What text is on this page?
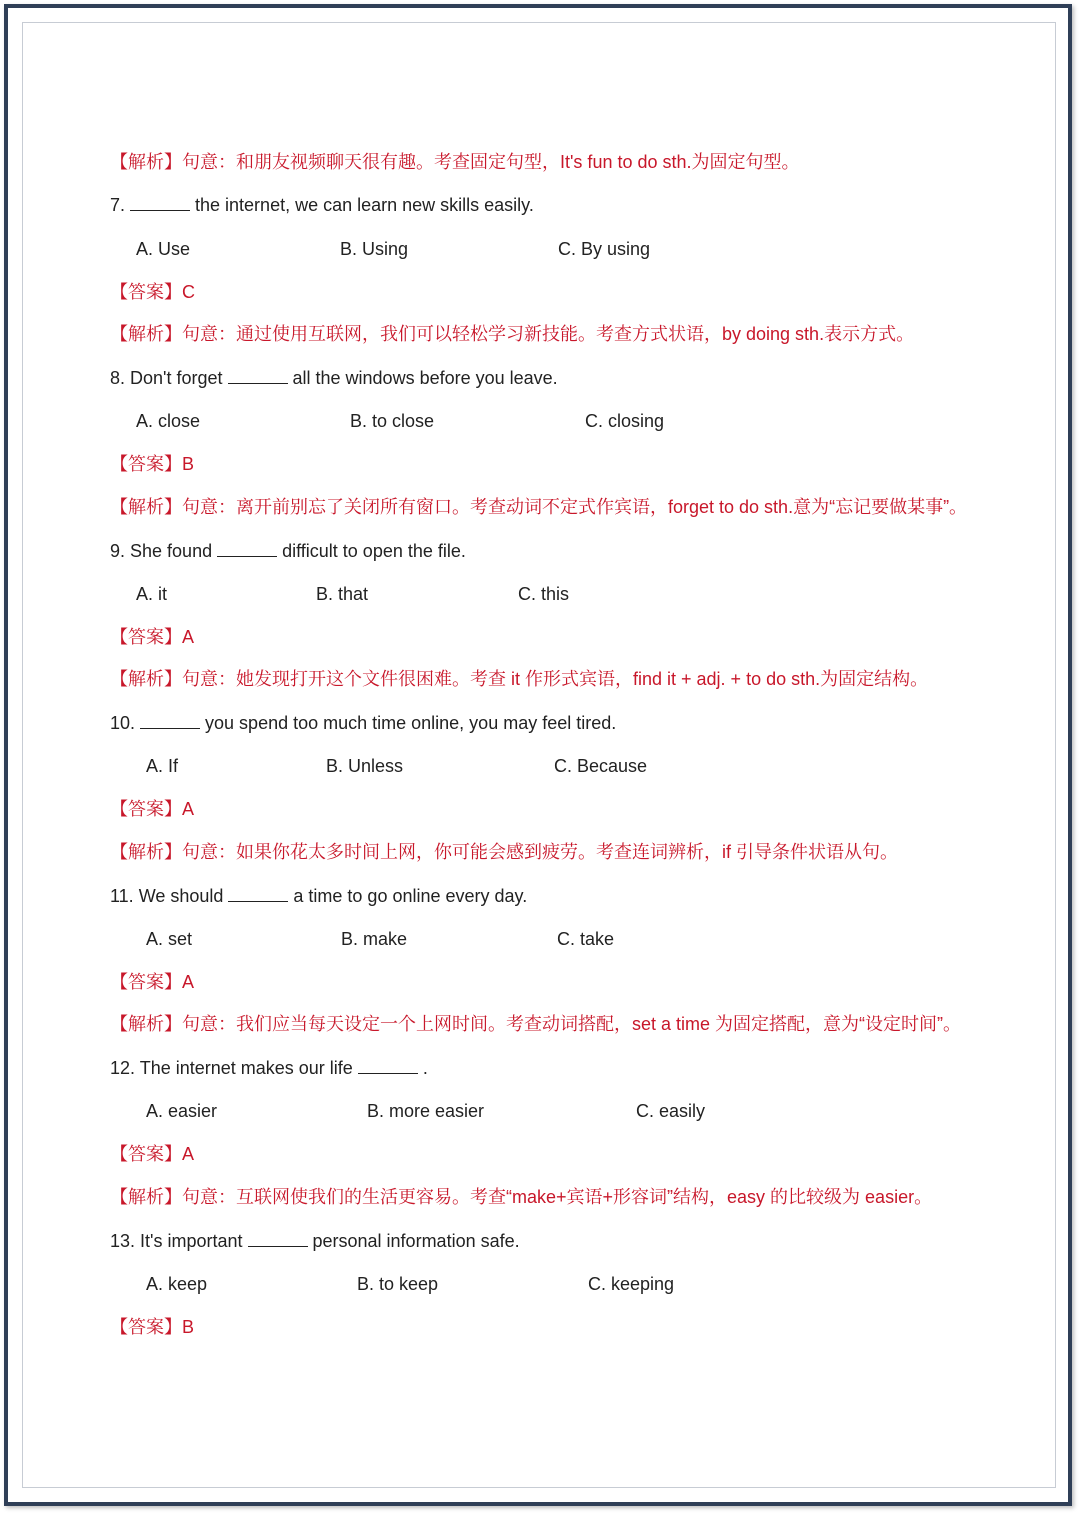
【解析】句意：和朋友视频聊天很有趣。考查固定句型，It's fun to do sth.为固定句型。
7.	the internet, we can learn new skills easily.
A. Use	B. Using	C. By using
【答案】C
【解析】句意：通过使用互联网，我们可以轻松学习新技能。考查方式状语，by doing sth.表示方式。
8. Don't forget	all the windows before you leave.
A. close	B. to close	C. closing
【答案】B
【解析】句意：离开前别忘了关闭所有窗口。考查动词不定式作宾语，forget to do sth.意为“忘记要做某事”。
9. She found	difficult to open the file.
A. it	B. that	C. this
【答案】A
【解析】句意：她发现打开这个文件很困难。考查 it 作形式宾语，find it + adj. + to do sth.为固定结构。
10.	you spend too much time online, you may feel tired.
A. If	B. Unless	C. Because
【答案】A
【解析】句意：如果你花太多时间上网，你可能会感到疲劳。考查连词辨析，if 引导条件状语从句。
11. We should	a time to go online every day.
A. set	B. make	C. take
【答案】A
【解析】句意：我们应当每天设定一个上网时间。考查动词搭配，set a time 为固定搭配，意为“设定时间”。
12. The internet makes our life	.
A. easier	B. more easier	C. easily
【答案】A
【解析】句意：互联网使我们的生活更容易。考查“make+宾语+形容词”结构，easy 的比较级为 easier。
13. It's important	personal information safe.
A. keep	B. to keep	C. keeping
【答案】B
